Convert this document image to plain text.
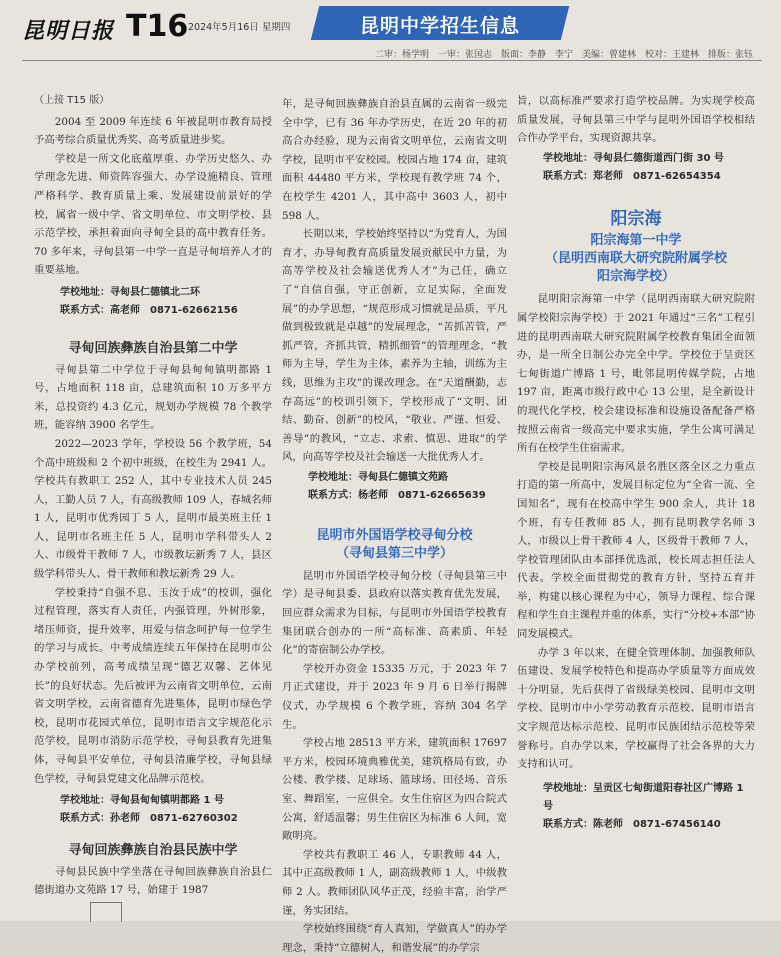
昆明日报 T16 2024年5月16日 星期四	昆明中学招生信息
二审：杨学明　一审：张国志　版面：李静　李宁　美编：曾建林　校对：王建林　排版：张钰
（上接 T15 版）

2004 至 2009 年连续 6 年被昆明市教育局授予高考综合质量优秀奖、高考质量进步奖。

学校是一所文化底蕴厚重、办学历史悠久、办学理念先进、师资阵容强大、办学设施精良、管理严格科学、教育质量上乘、发展建设前景好的学校，属省一级中学、省文明单位、市文明学校、县示范学校，承担着面向寻甸全县的高中教育任务。70 多年来，寻甸县第一中学一直是寻甸培养人才的重要基地。

学校地址：寻甸县仁德镇北二环
联系方式：高老师　0871-62662156
寻甸回族彝族自治县第二中学

寻甸县第二中学位于寻甸县甸甸镇明都路 1 号，占地面积 118 亩，总建筑面积 10 万多平方米，总投资约 4.3 亿元，规划办学规模 78 个教学班，能容纳 3900 名学生。

2022—2023 学年，学校设 56 个教学班，54 个高中班级和 2 个初中班级，在校生为 2941 人。学校共有教职工 252 人，其中专业技术人员 245 人，工勤人员 7 人，有高级教师 109 人，春城名师 1 人，昆明市优秀园丁 5 人，昆明市最美班主任 1 人，昆明市名班主任 5 人，昆明市学科带头人 2 人、市级骨干教师 7 人，市级教坛新秀 7 人，县区级学科带头人、骨干教师和教坛新秀 29 人。

学校秉持“自强不息、玉汝于成”的校训，强化过程管理，落实育人责任，内强管理，外树形象，堵压师资，提升效率，用爱与信念呵护每一位学生的学习与成长。中考成绩连续五年保持在昆明市公办学校前列，高考成绩呈现“德艺双馨、艺体见长”的良好状态。先后被评为云南省文明单位，云南省文明学校，云南省德育先进集体，昆明市绿色学校，昆明市花园式单位，昆明市语言文字规范化示范学校，昆明市消防示范学校，寻甸县教育先进集体，寻甸县平安单位，寻甸县清廉学校，寻甸县绿色学校，寻甸县党建文化品牌示范校。

学校地址：寻甸县甸甸镇明都路 1 号
联系方式：孙老师　0871-62760302
寻甸回族彝族自治县民族中学

寻甸县民族中学坐落在寻甸回族彝族自治县仁德街道办文苑路 17 号，始建于 1987

年，是寻甸回族彝族自治县直属的云南省一级完全中学，已有 36 年办学历史，在近 20 年的初高合办经验，现为云南省文明单位，云南省文明学校，昆明市平安校园。校园占地 174 亩，建筑面积 44480 平方米，学校现有教学班 74 个，在校学生 4201 人，其中高中 3603 人，初中 598 人。

长期以来，学校始终坚持以“为党育人，为国育才，办导甸教育高质量发展贡献民中力量，为高等学校及社会输送优秀人才”为己任，确立了“自信自强，守正创新，立足实际，全面发展”的办学思想，“规范形成习惯就是品质，平凡做到极致就是卓越”的发展理念，“苦抓苦管，严抓严管，齐抓共管，精抓细管”的管理理念，“教师为主导，学生为主体，素养为主轴，训练为主线，思维为主攻”的课改理念。在“天道酬勤，志存高远”的校训引领下，学校形成了“文明、团结、勤奋、创新”的校风，“敬业、严谨、恒爱、善导”的教风，“立志、求索、慎思、进取”的学风，向高等学校及社会输送一大批优秀人才。

学校地址：寻甸县仁德镇文苑路
联系方式：杨老师　0871-62665639
昆明市外国语学校寻甸分校
（寻甸县第三中学）

昆明市外国语学校寻甸分校（寻甸县第三中学）是寻甸县委、县政府以落实教育优先发展，回应群众需求为目标，与昆明市外国语学校教育集团联合创办的一所“高标准、高素质、年轻化”的寄宿制公办学校。

学校开办资金 15335 万元，于 2023 年 7 月正式建设，并于 2023 年 9 月 6 日举行揭牌仪式，办学规模 6 个教学班，容纳 304 名学生。

学校占地 28513 平方米，建筑面积 17697 平方米，校园环境典雅优美，建筑格局有致，办公楼、教学楼、足球场、篮球场、田径场、音乐室、舞蹈室，一应俱全。女生住宿区为四合院式公寓，舒适温馨；男生住宿区为标准 6 人间，宽敞明亮。

学校共有教职工 46 人，专职教师 44 人，其中正高级教师 1 人，副高级教师 1 人，中级教师 2 人。教师团队风华正茂，经验丰富，治学严谨，务实团结。

学校始终围绕“育人真知，学做真人”的办学理念，秉持“立德树人，和谐发展”的办学宗

旨，以高标准严要求打造学校品牌。为实现学校高质量发展，寻甸县第三中学与昆明外国语学校相结合作办学平台，实现资源共享。

学校地址：寻甸县仁德街道西门街 30 号
联系方式：郑老师　0871-62654354
阳宗海
阳宗海第一中学
（昆明西南联大研究院附属学校
阳宗海学校）

昆明阳宗海第一中学（昆明西南联大研究院附属学校阳宗海学校）于 2021 年通过“三名”工程引进的昆明西南联大研究院附属学校教育集团全面领办，是一所全日制公办完全中学。学校位于呈贡区七甸街道广博路 1 号，毗邻昆明传媒学院，占地 197 亩，距离市级行政中心 13 公里，是全新设计的现代化学校，校会建设标准和设施设备配备严格按照云南省一级高完中要求实施，学生公寓可满足所有在校学生住宿需求。

学校是昆明阳宗海风景名胜区落全区之力重点打造的第一所高中，发展目标定位为“全省一流、全国知名”，现有在校高中学生 900 余人，共计 18 个班，有专任教师 85 人，拥有昆明教学名师 3 人，市级以上骨干教师 4 人，区级骨干教师 7 人，学校管理团队由本部择优选派，校长周志担任法人代表。学校全面贯彻党的教育方针，坚持五育并举，构建以核心课程为中心，领导力课程、综合课程和学生自主课程并重的体系，实行“分校+本部”协同发展模式。

办学 3 年以来，在健全管理体制、加强教师队伍建设、发展学校特色和提高办学质量等方面成效十分明显，先后获得了省级绿美校园、昆明市文明学校、昆明市中小学劳动教育示范校、昆明市语言文字规范达标示范校、昆明市民族团结示范校等荣誉称号。自办学以来，学校赢得了社会各界的大力支持和认可。

学校地址：呈贡区七甸街道阳春社区广博路 1 号
联系方式：陈老师　0871-67456140
